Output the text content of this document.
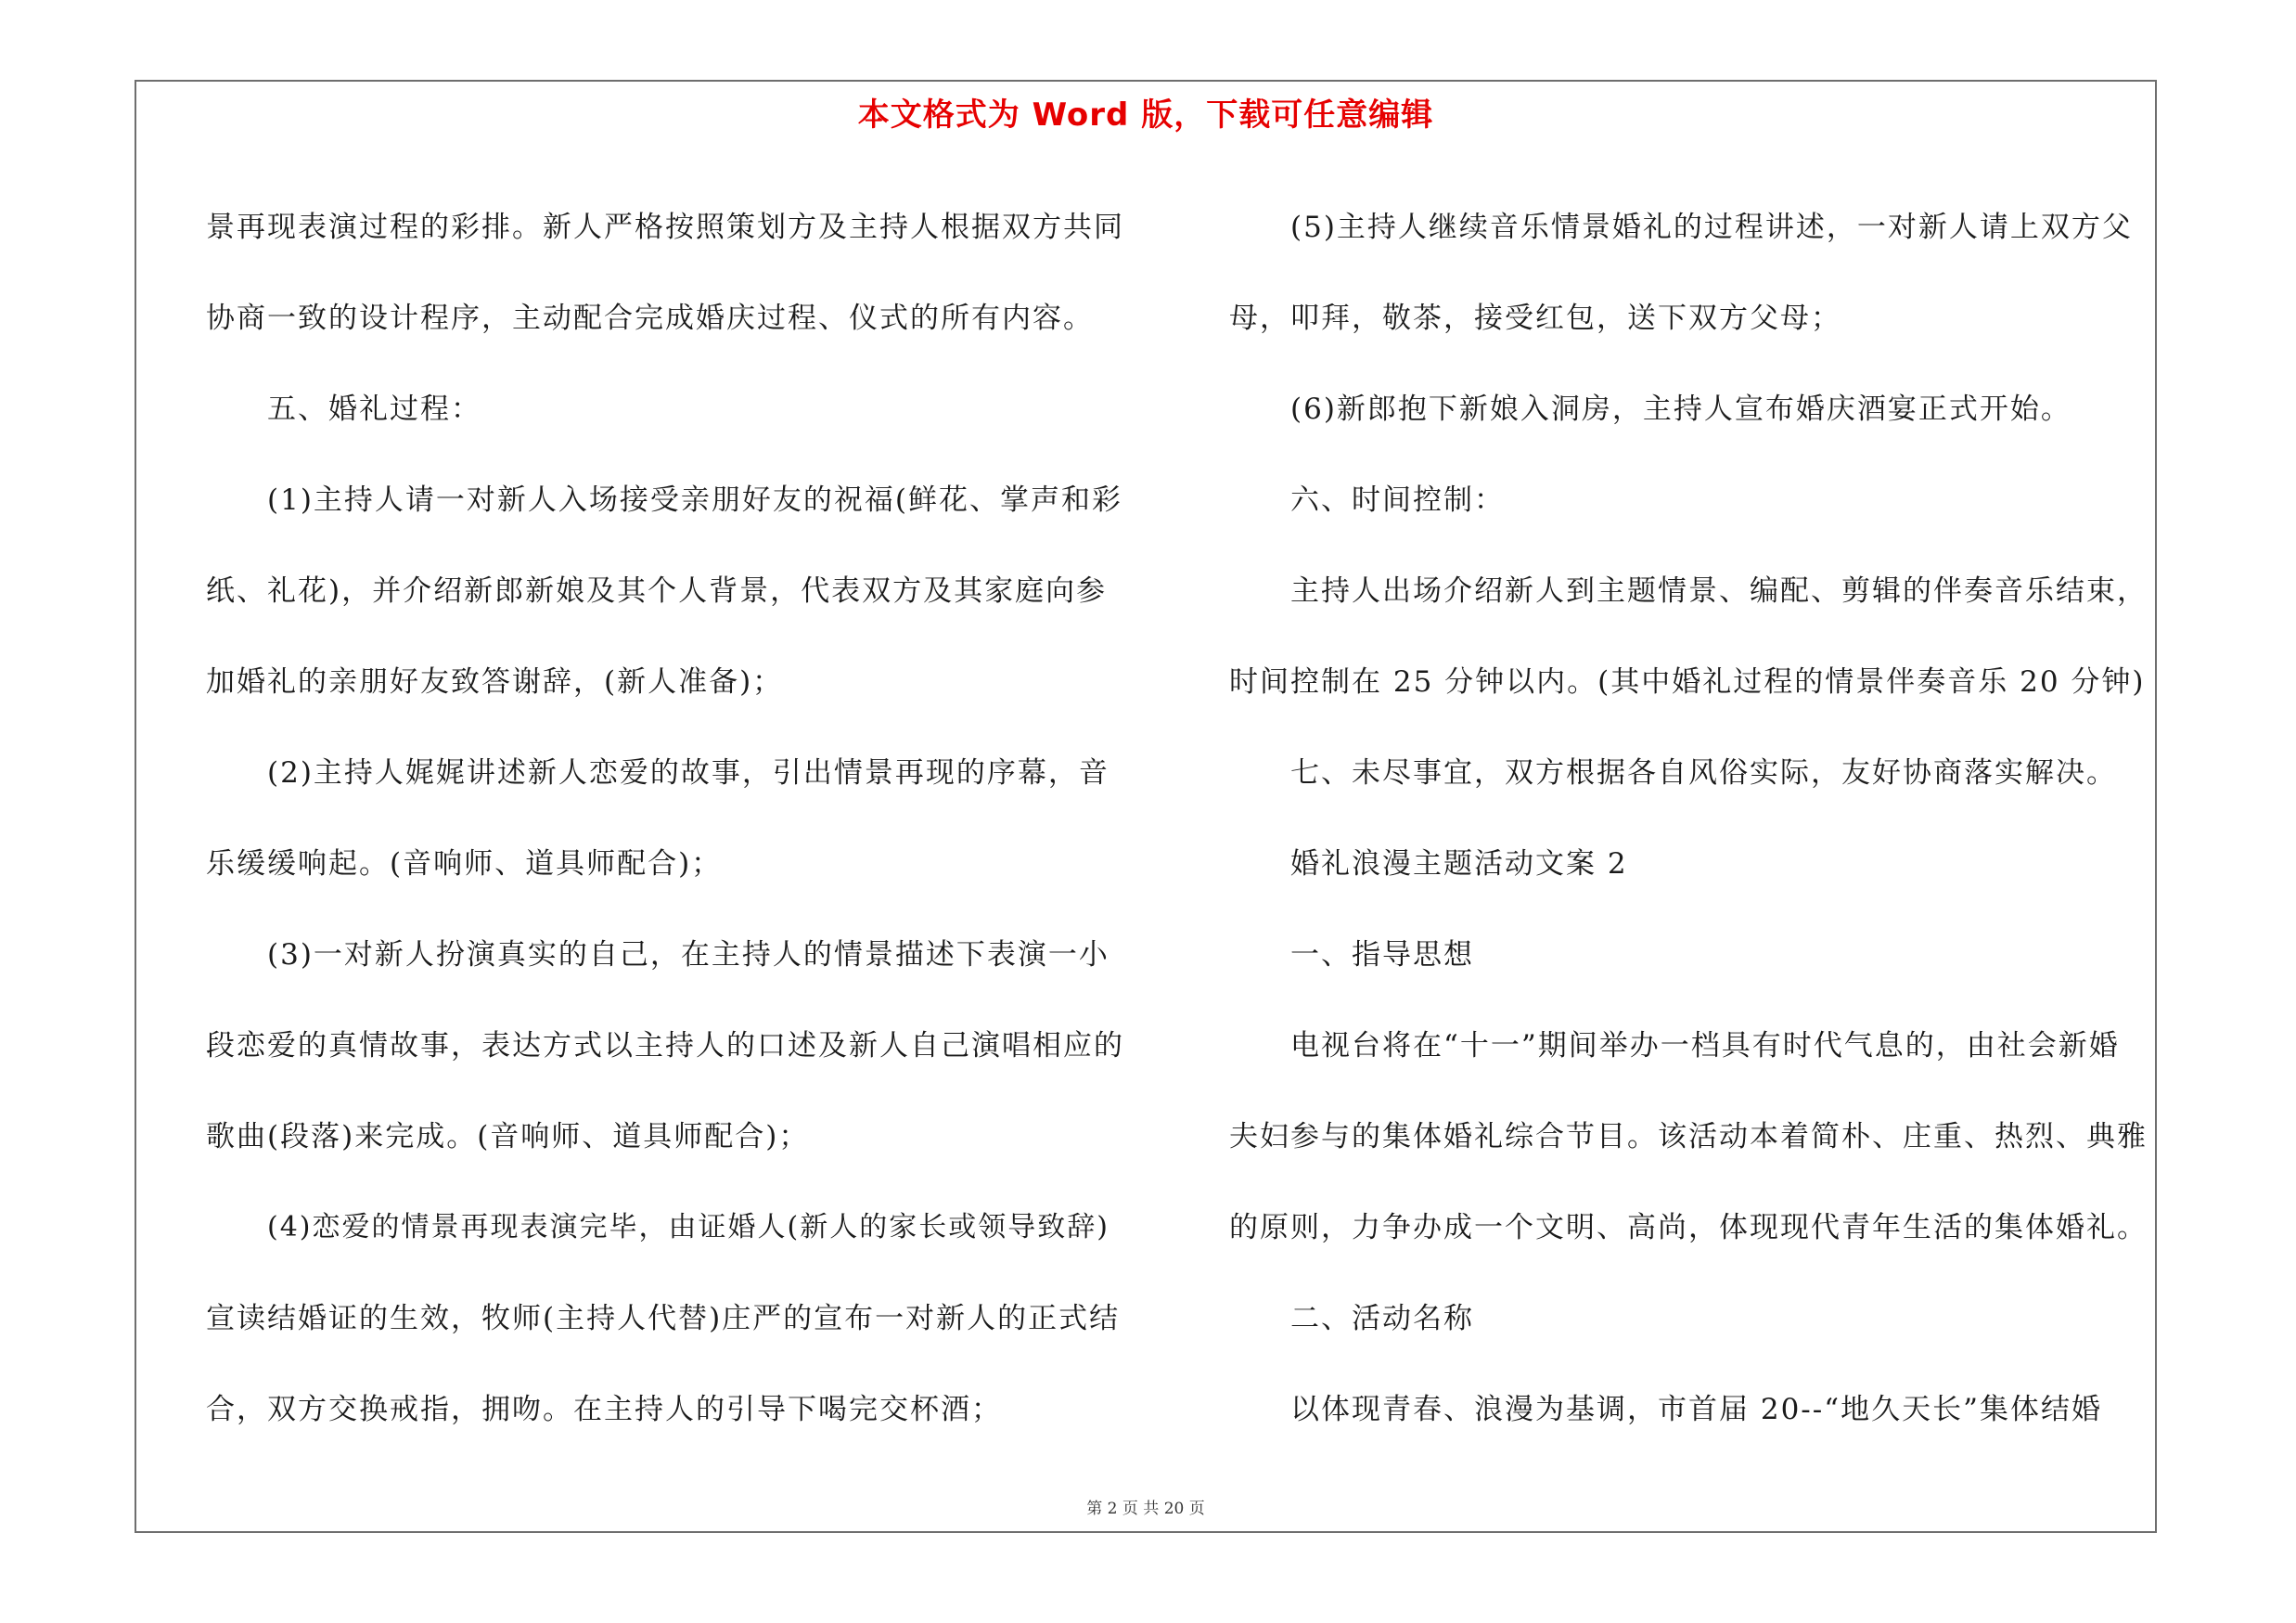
本文格式为 Word 版，下载可任意编辑
景再现表演过程的彩排。新人严格按照策划方及主持人根据双方共同
协商一致的设计程序，主动配合完成婚庆过程、仪式的所有内容。
五、婚礼过程：
(1)主持人请一对新人入场接受亲朋好友的祝福(鲜花、掌声和彩
纸、礼花)，并介绍新郎新娘及其个人背景，代表双方及其家庭向参
加婚礼的亲朋好友致答谢辞，(新人准备)；
(2)主持人娓娓讲述新人恋爱的故事，引出情景再现的序幕，音
乐缓缓响起。(音响师、道具师配合)；
(3)一对新人扮演真实的自己，在主持人的情景描述下表演一小
段恋爱的真情故事，表达方式以主持人的口述及新人自己演唱相应的
歌曲(段落)来完成。(音响师、道具师配合)；
(4)恋爱的情景再现表演完毕，由证婚人(新人的家长或领导致辞)
宣读结婚证的生效，牧师(主持人代替)庄严的宣布一对新人的正式结
合，双方交换戒指，拥吻。在主持人的引导下喝完交杯酒；
(5)主持人继续音乐情景婚礼的过程讲述，一对新人请上双方父
母，叩拜，敬茶，接受红包，送下双方父母；
(6)新郎抱下新娘入洞房，主持人宣布婚庆酒宴正式开始。
六、时间控制：
主持人出场介绍新人到主题情景、编配、剪辑的伴奏音乐结束，
时间控制在 25 分钟以内。(其中婚礼过程的情景伴奏音乐 20 分钟)
七、未尽事宜，双方根据各自风俗实际，友好协商落实解决。
婚礼浪漫主题活动文案 2
一、指导思想
电视台将在“十一”期间举办一档具有时代气息的，由社会新婚
夫妇参与的集体婚礼综合节目。该活动本着简朴、庄重、热烈、典雅
的原则，力争办成一个文明、高尚，体现现代青年生活的集体婚礼。
二、活动名称
以体现青春、浪漫为基调，市首届 20--“地久天长”集体结婚
第 2 页 共 20 页
